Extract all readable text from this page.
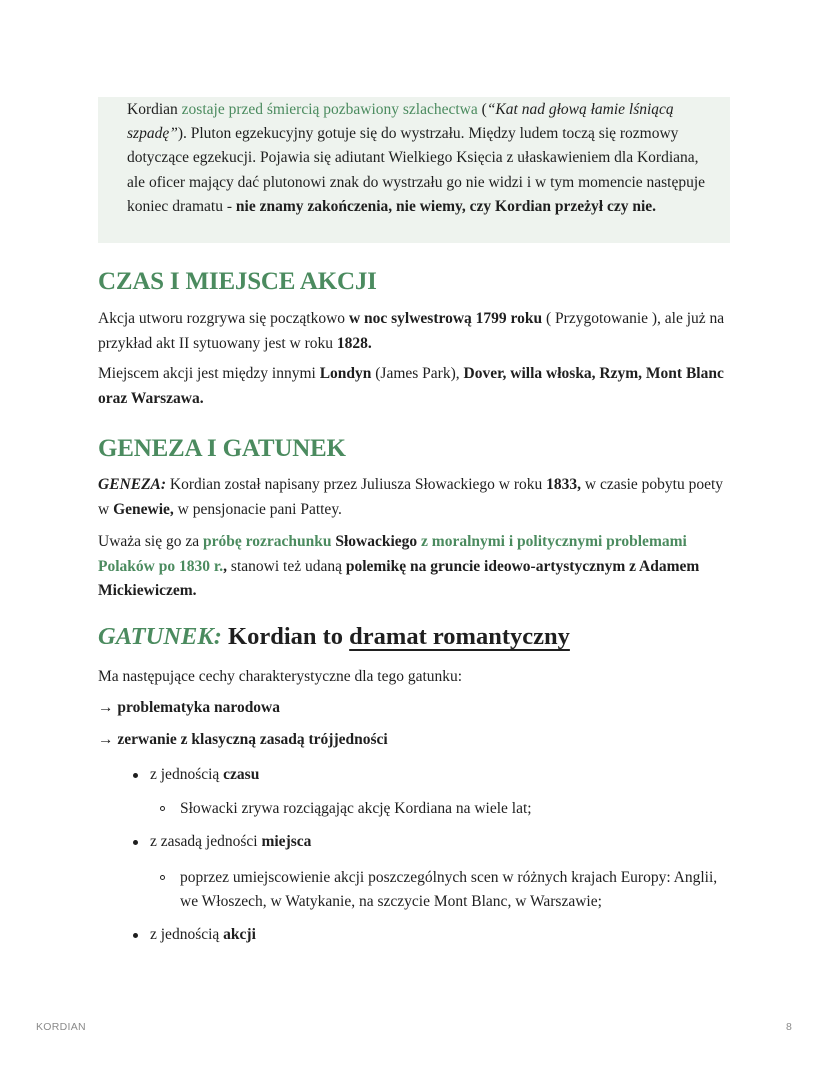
Kordian zostaje przed śmiercią pozbawiony szlachectwa (“Kat nad głową łamie lśniącą szpadę”). Pluton egzekucyjny gotuje się do wystrzału. Między ludem toczą się rozmowy dotyczące egzekucji. Pojawia się adiutant Wielkiego Księcia z ułaskawieniem dla Kordiana, ale oficer mający dać plutonowi znak do wystrzału go nie widzi i w tym momencie następuje koniec dramatu - nie znamy zakończenia, nie wiemy, czy Kordian przeżył czy nie.

CZAS I MIEJSCE AKCJI

Akcja utworu rozgrywa się początkowo w noc sylwestrową 1799 roku ( Przygotowanie ), ale już na przykład akt II sytuowany jest w roku 1828.

Miejscem akcji jest między innymi Londyn (James Park), Dover, willa włoska, Rzym, Mont Blanc oraz Warszawa.

GENEZA I GATUNEK

GENEZA: Kordian został napisany przez Juliusza Słowackiego w roku 1833, w czasie pobytu poety w Genewie, w pensjonacie pani Pattey.

Uważa się go za próbę rozrachunku Słowackiego z moralnymi i politycznymi problemami Polaków po 1830 r., stanowi też udaną polemikę na gruncie ideowo-artystycznym z Adamem Mickiewiczem.

GATUNEK: Kordian to dramat romantyczny

Ma następujące cechy charakterystyczne dla tego gatunku:

→ problematyka narodowa

→ zerwanie z klasyczną zasadą trójjedności

z jednością czasu

Słowacki zrywa rozciągając akcję Kordiana na wiele lat;

z zasadą jedności miejsca

poprzez umiejscowienie akcji poszczególnych scen w różnych krajach Europy: Anglii, we Włoszech, w Watykanie, na szczycie Mont Blanc, w Warszawie;

z jednością akcji

KORDIAN	8
